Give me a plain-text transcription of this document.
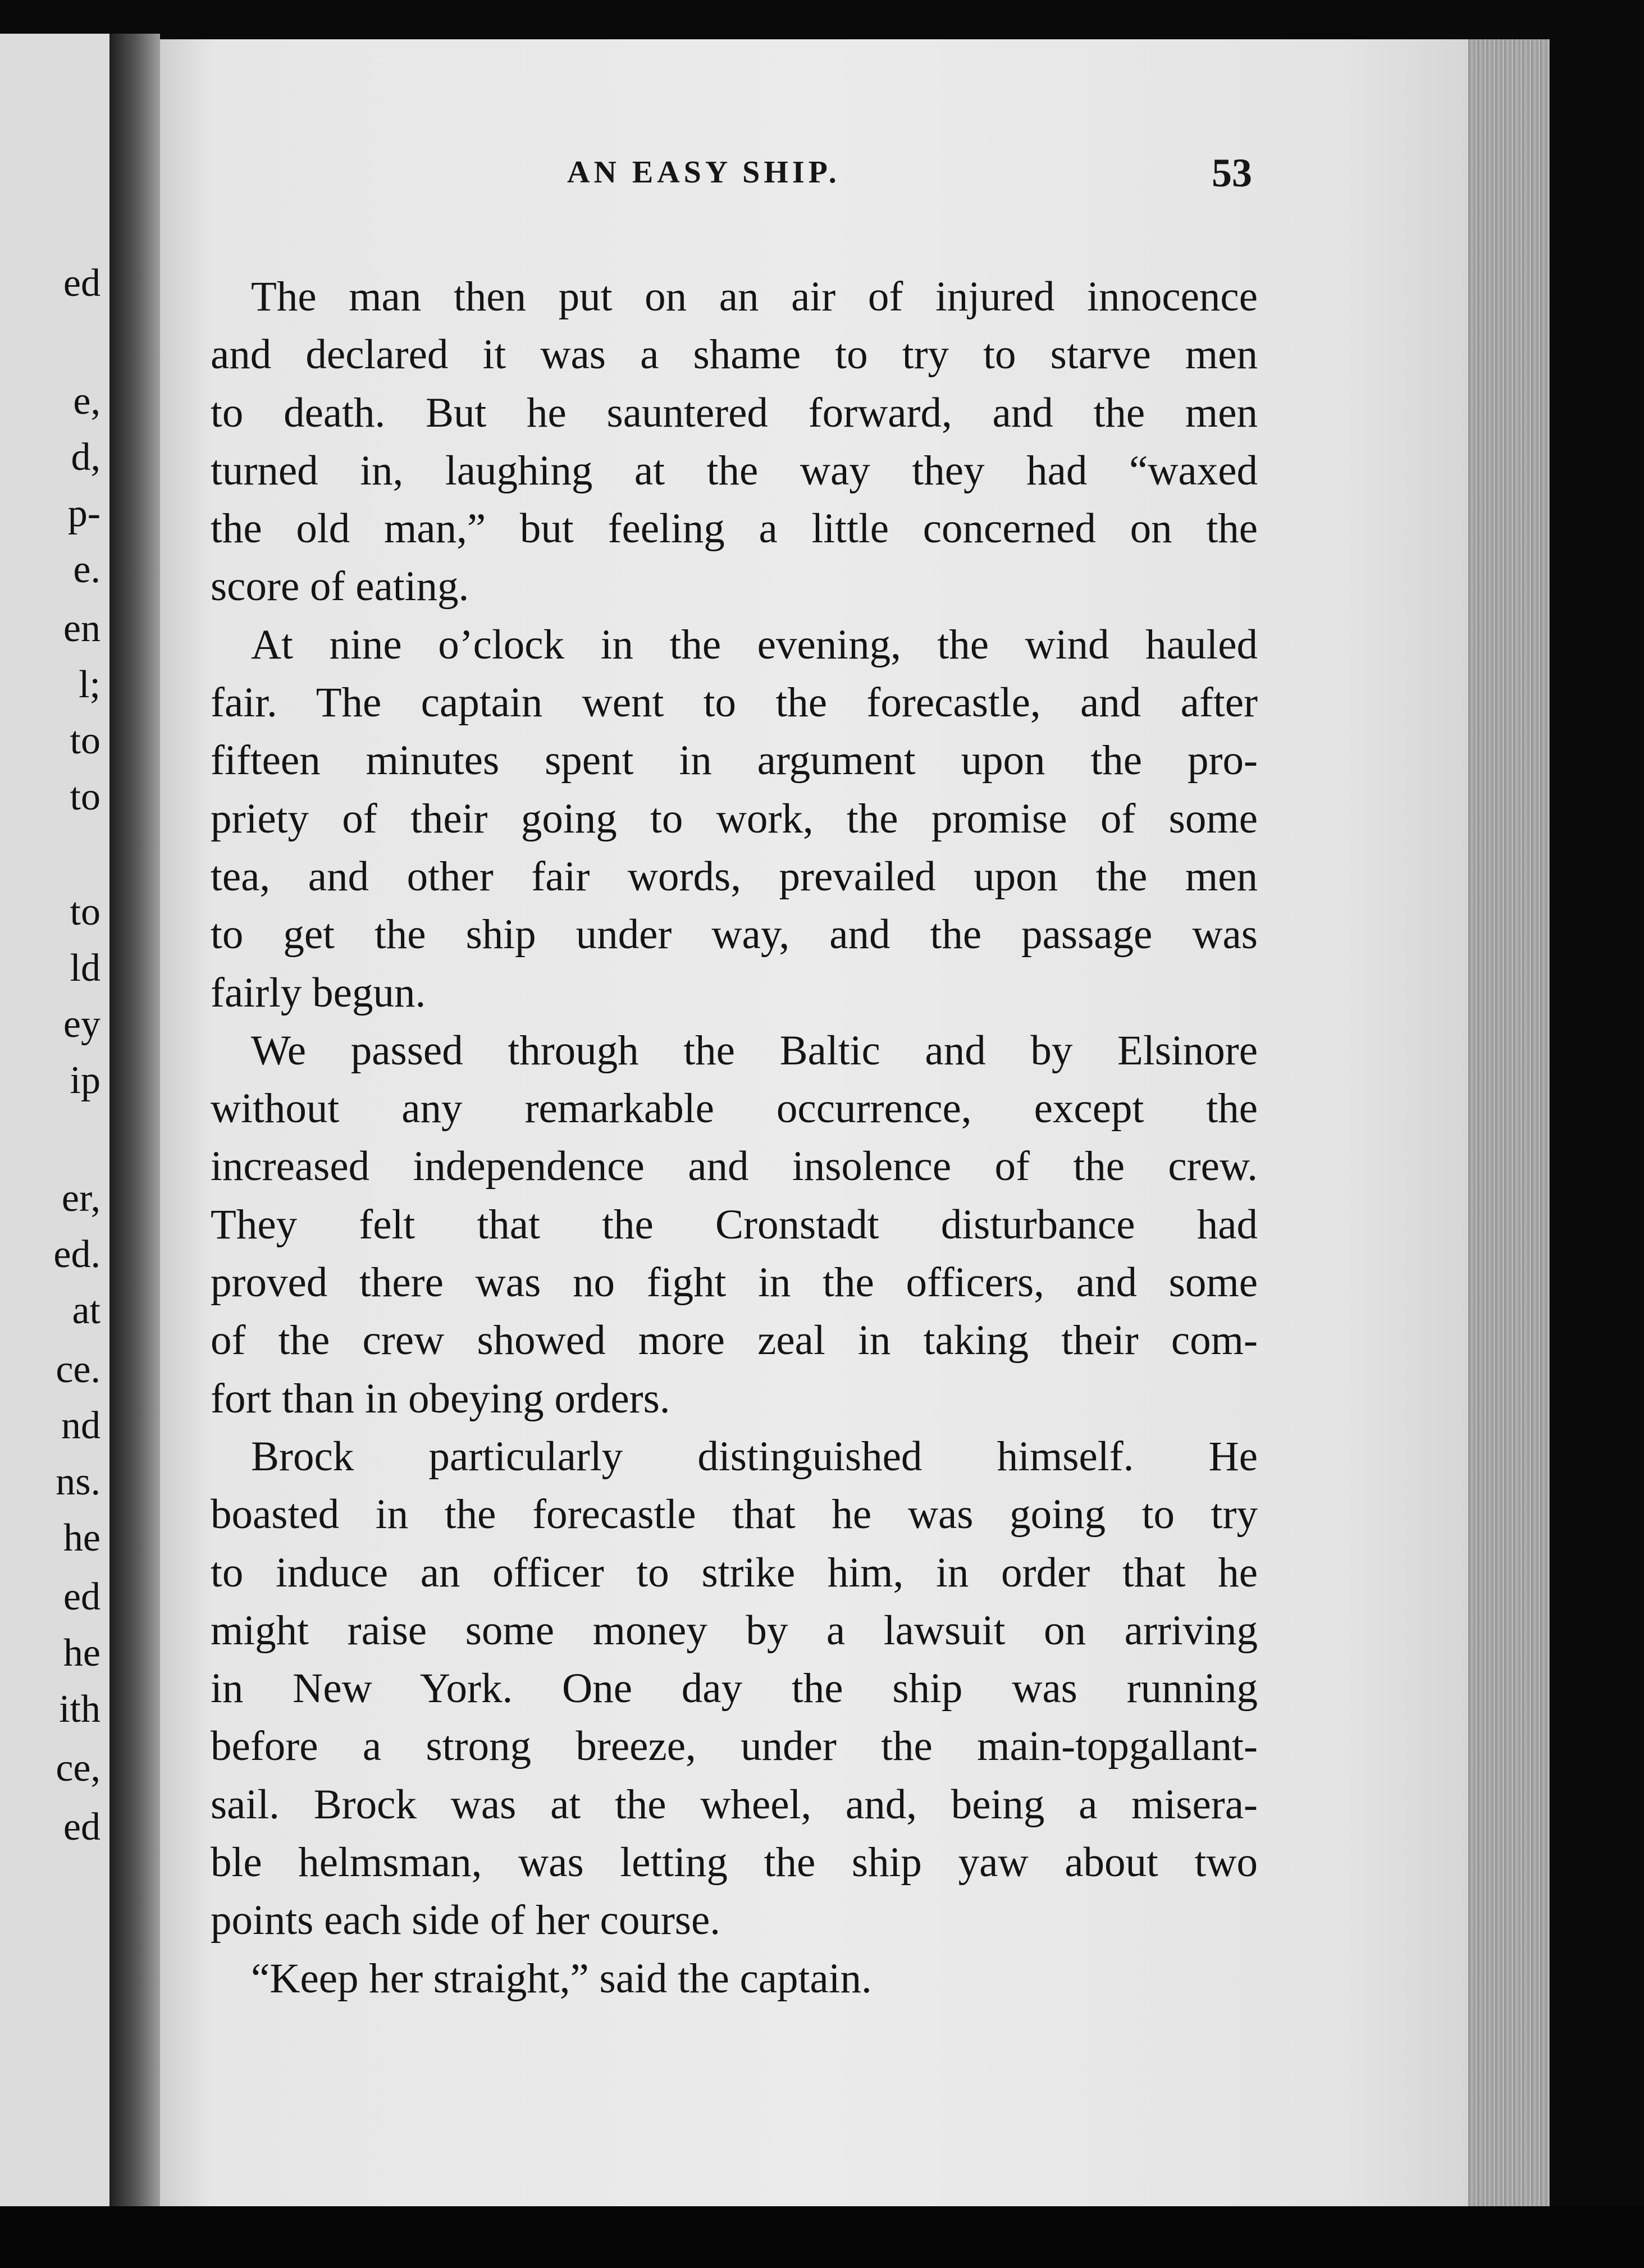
ed
e,
d,
p-
e.
en
l;
to
to
to
ld
ey
ip
er,
ed.
at
ce.
nd
ns.
he
ed
he
ith
ce,
ed
AN EASY SHIP.	53

The man then put on an air of injured innocence
and declared it was a shame to try to starve men
to death. But he sauntered forward, and the men
turned in, laughing at the way they had “waxed
the old man,” but feeling a little concerned on the
score of eating.

At nine o’clock in the evening, the wind hauled
fair. The captain went to the forecastle, and after
fifteen minutes spent in argument upon the pro-
priety of their going to work, the promise of some
tea, and other fair words, prevailed upon the men
to get the ship under way, and the passage was
fairly begun.

We passed through the Baltic and by Elsinore
without any remarkable occurrence, except the
increased independence and insolence of the crew.
They felt that the Cronstadt disturbance had
proved there was no fight in the officers, and some
of the crew showed more zeal in taking their com-
fort than in obeying orders.

Brock particularly distinguished himself. He
boasted in the forecastle that he was going to try
to induce an officer to strike him, in order that he
might raise some money by a lawsuit on arriving
in New York. One day the ship was running
before a strong breeze, under the main-topgallant-
sail. Brock was at the wheel, and, being a misera-
ble helmsman, was letting the ship yaw about two
points each side of her course.

“Keep her straight,” said the captain.
